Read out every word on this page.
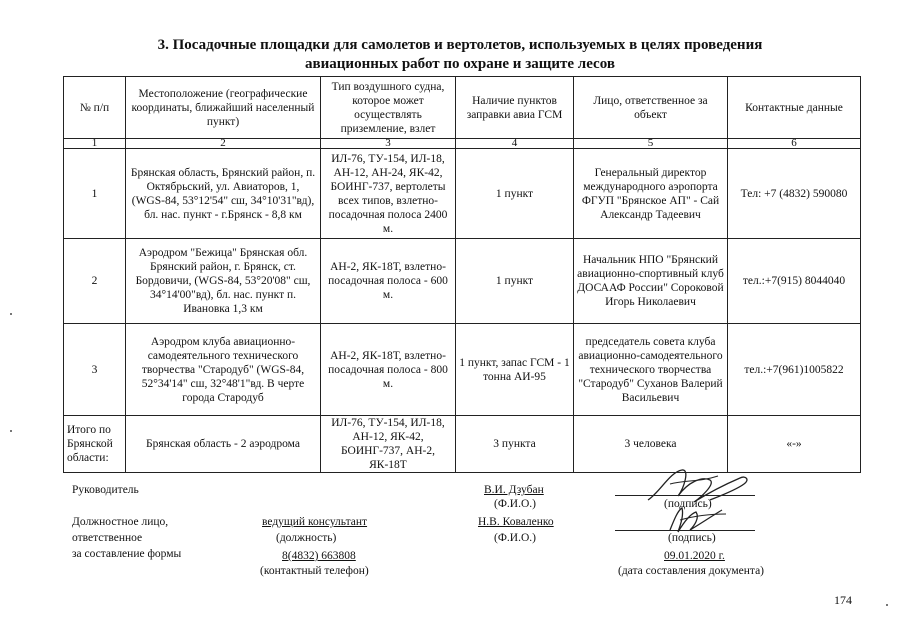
3. Посадочные площадки для самолетов и вертолетов, используемых в целях проведения
авиационных работ по охране и защите лесов
№ п/п	Местоположение (географические координаты, ближайший населенный пункт)	Тип воздушного судна, которое может осуществлять приземление, взлет	Наличие пунктов заправки авиа ГСМ	Лицо, ответственное за объект	Контактные данные
1	2	3	4	5	6
1	Брянская область, Брянский район, п. Октябрьский, ул. Авиаторов, 1, (WGS-84, 53°12'54" сш, 34°10'31"вд), бл. нас. пункт - г.Брянск - 8,8 км	ИЛ-76, ТУ-154, ИЛ-18, АН-12, АН-24, ЯК-42, БОИНГ-737, вертолеты всех типов, взлетно-посадочная полоса 2400 м.	1 пункт	Генеральный директор международного аэропорта ФГУП "Брянское АП" - Сай Александр Тадеевич	Тел: +7 (4832) 590080
2	Аэродром "Бежица" Брянская обл. Брянский район, г. Брянск, ст. Бордовичи, (WGS-84, 53°20'08" сш, 34°14'00"вд), бл. нас. пункт п. Ивановка 1,3 км	АН-2, ЯК-18Т, взлетно-посадочная полоса - 600 м.	1 пункт	Начальник НПО "Брянский авиационно-спортивный клуб ДОСААФ России" Сороковой Игорь Николаевич	тел.:+7(915) 8044040
3	Аэродром клуба авиационно-самодеятельного технического творчества "Стародуб" (WGS-84, 52°34'14" сш, 32°48'1"вд. В черте города Стародуб	АН-2, ЯК-18Т, взлетно-посадочная полоса - 800 м.	1 пункт, запас ГСМ - 1 тонна АИ-95	председатель совета клуба авиационно-самодеятельного технического творчества "Стародуб" Суханов Валерий Васильевич	тел.:+7(961)1005822
Итого по Брянской области:	Брянская область - 2 аэродрома	ИЛ-76, ТУ-154, ИЛ-18, АН-12, ЯК-42, БОИНГ-737, АН-2, ЯК-18Т	3 пункта	3 человека	«-»
Руководитель	В.И. Дзубан
(Ф.И.О.)	(подпись)
Должностное лицо,
ответственное
за составление формы
ведущий консультант
(должность)
Н.В. Коваленко
(Ф.И.О.)	(подпись)
8(4832) 663808
(контактный телефон)
09.01.2020 г.
(дата составления документа)
174
